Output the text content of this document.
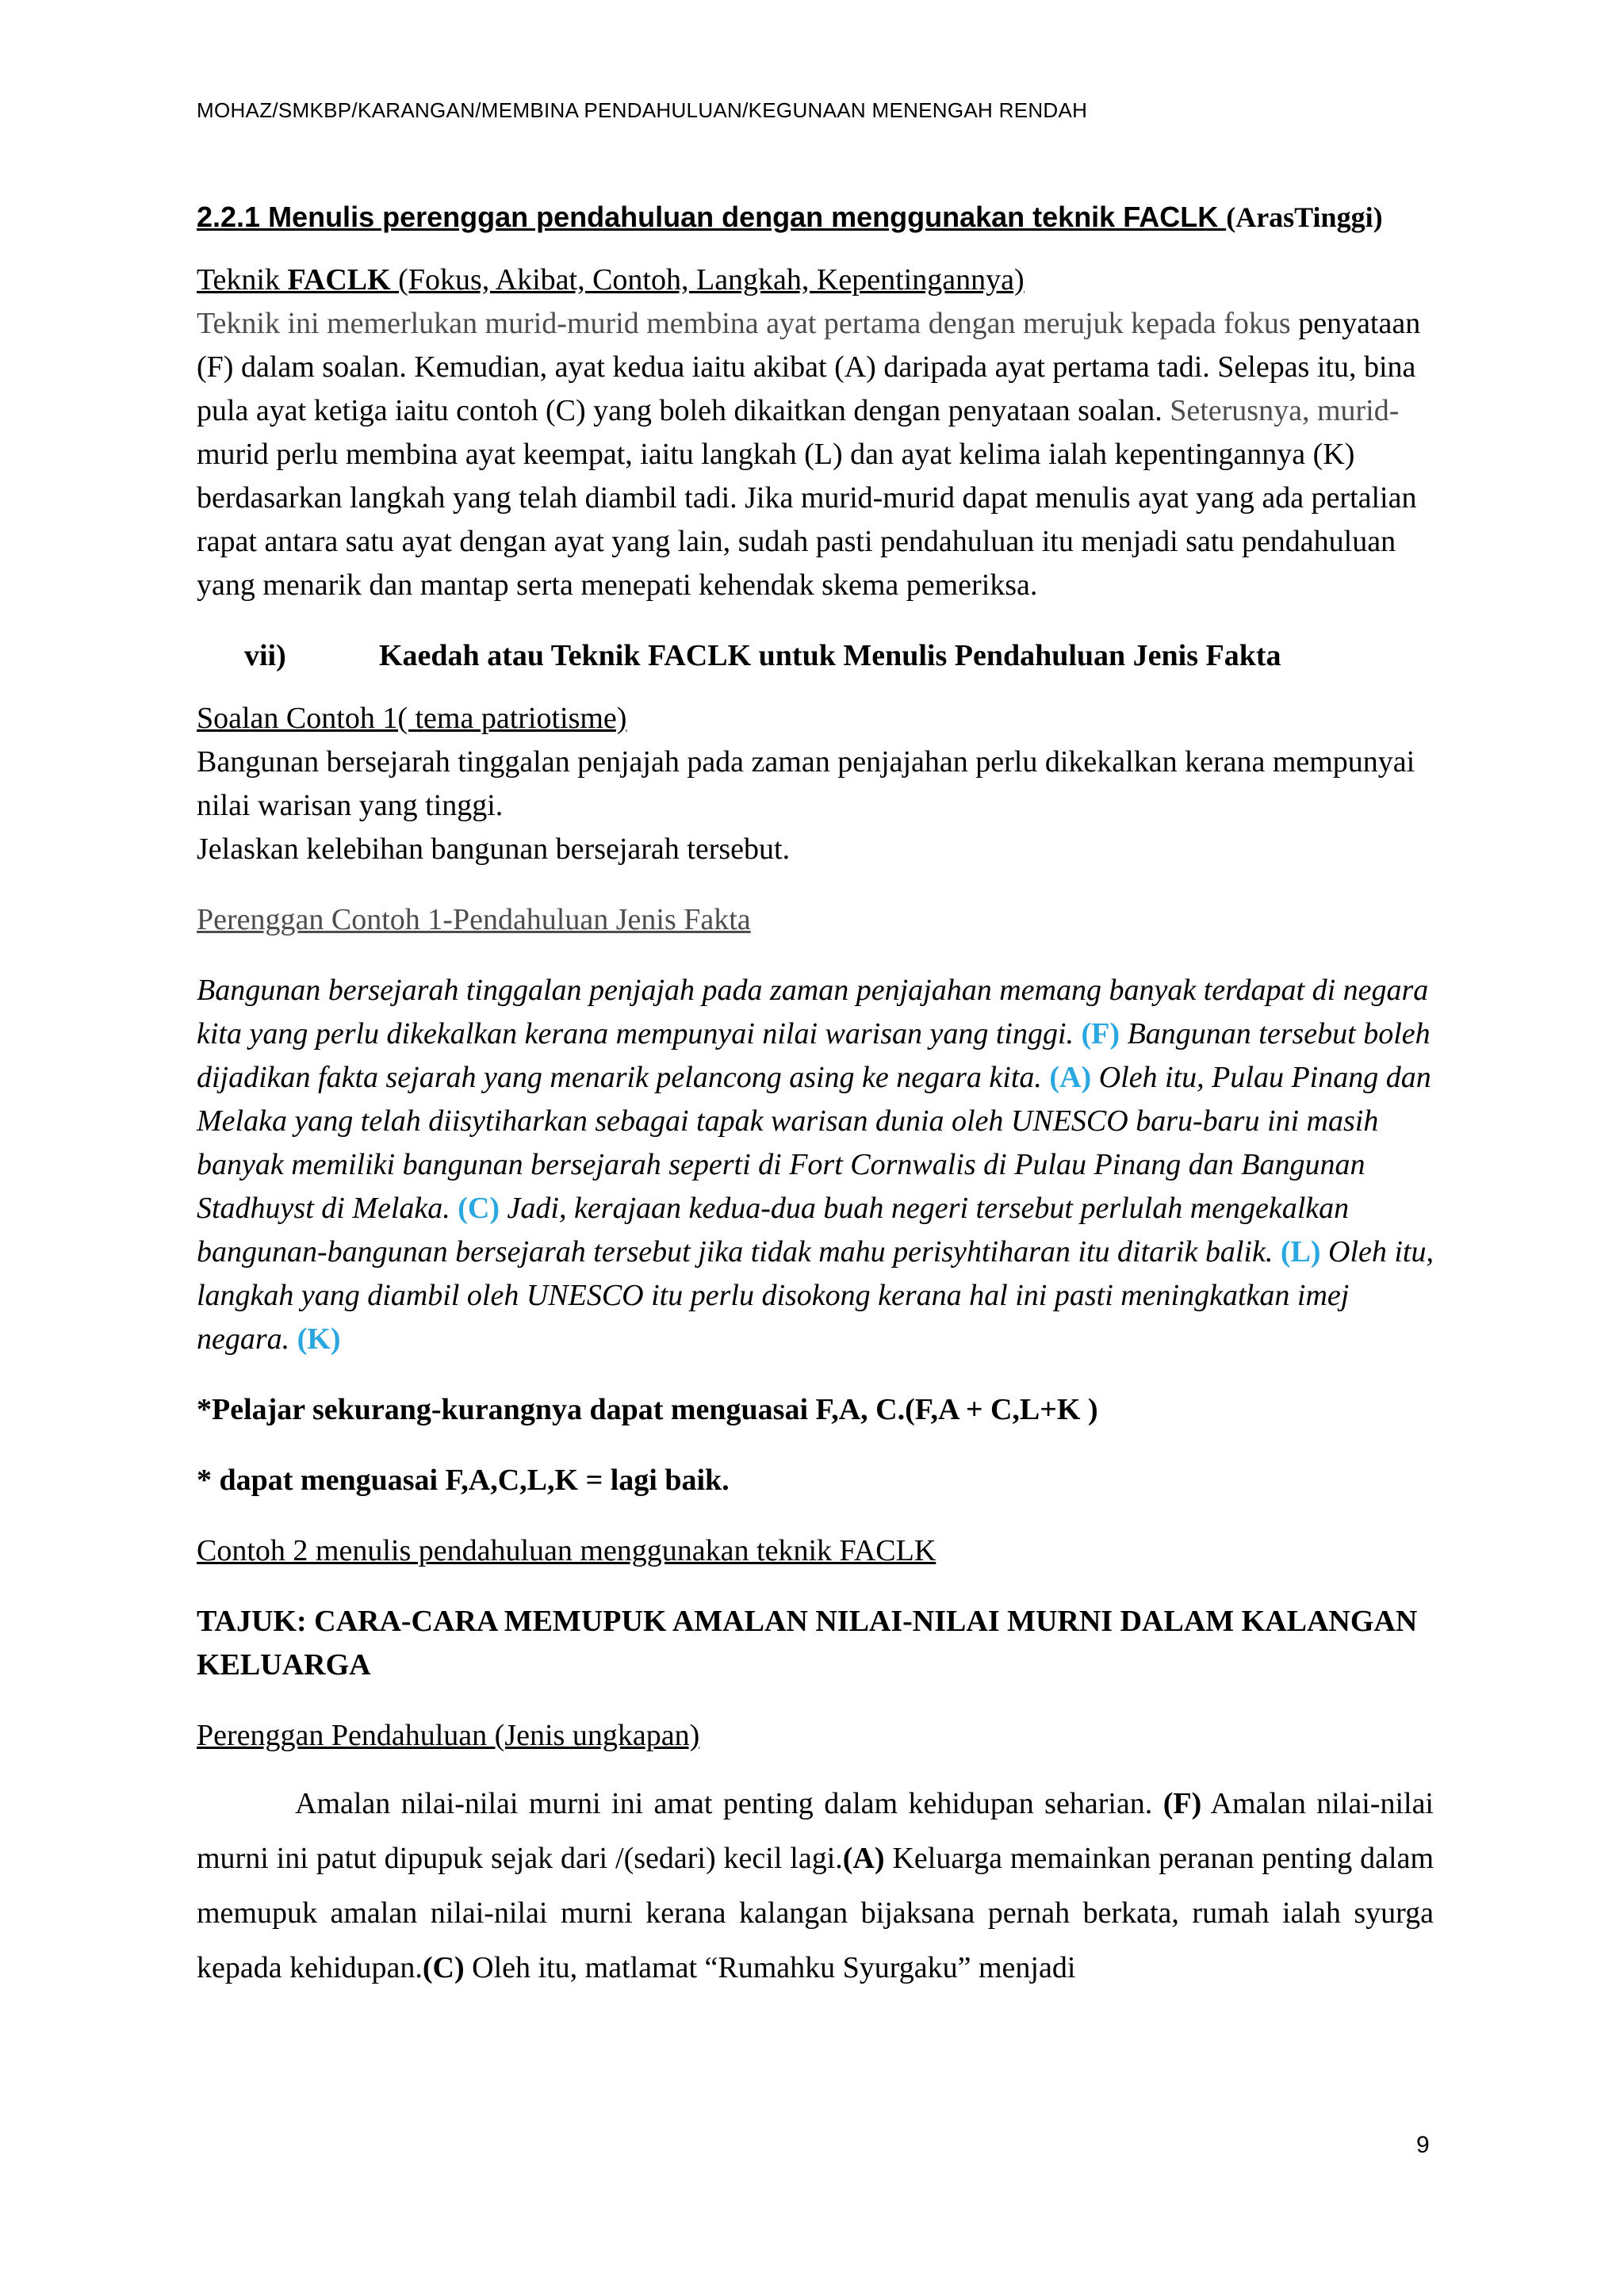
MOHAZ/SMKBP/KARANGAN/MEMBINA PENDAHULUAN/KEGUNAAN MENENGAH RENDAH
2.2.1 Menulis perenggan pendahuluan dengan menggunakan teknik FACLK (ArasTinggi)

Teknik FACLK (Fokus, Akibat, Contoh, Langkah, Kepentingannya)

Teknik ini memerlukan murid-murid membina ayat pertama dengan merujuk kepada fokus penyataan (F) dalam soalan. Kemudian, ayat kedua iaitu akibat (A) daripada ayat pertama tadi. Selepas itu, bina pula ayat ketiga iaitu contoh (C) yang boleh dikaitkan dengan penyataan soalan. Seterusnya, murid-murid perlu membina ayat keempat, iaitu langkah (L) dan ayat kelima ialah kepentingannya (K) berdasarkan langkah yang telah diambil tadi. Jika murid-murid dapat menulis ayat yang ada pertalian rapat antara satu ayat dengan ayat yang lain, sudah pasti pendahuluan itu menjadi satu pendahuluan yang menarik dan mantap serta menepati kehendak skema pemeriksa.

vii)	Kaedah atau Teknik FACLK untuk Menulis Pendahuluan Jenis Fakta

Soalan Contoh 1( tema patriotisme)

Bangunan bersejarah tinggalan penjajah pada zaman penjajahan perlu dikekalkan kerana mempunyai nilai warisan yang tinggi.

Jelaskan kelebihan bangunan bersejarah tersebut.

Perenggan Contoh 1-Pendahuluan Jenis Fakta

Bangunan bersejarah tinggalan penjajah pada zaman penjajahan memang banyak terdapat di negara kita yang perlu dikekalkan kerana mempunyai nilai warisan yang tinggi. (F) Bangunan tersebut boleh dijadikan fakta sejarah yang menarik pelancong asing ke negara kita. (A) Oleh itu, Pulau Pinang dan Melaka yang telah diisytiharkan sebagai tapak warisan dunia oleh UNESCO baru-baru ini masih banyak memiliki bangunan bersejarah seperti di Fort Cornwalis di Pulau Pinang dan Bangunan Stadhuyst di Melaka. (C) Jadi, kerajaan kedua-dua buah negeri tersebut perlulah mengekalkan bangunan-bangunan bersejarah tersebut jika tidak mahu perisyhtiharan itu ditarik balik. (L) Oleh itu, langkah yang diambil oleh UNESCO itu perlu disokong kerana hal ini pasti meningkatkan imej negara. (K)

*Pelajar sekurang-kurangnya dapat menguasai F,A, C.(F,A + C,L+K )

* dapat menguasai F,A,C,L,K = lagi baik.

Contoh 2 menulis pendahuluan menggunakan teknik FACLK

TAJUK: CARA-CARA MEMUPUK AMALAN NILAI-NILAI MURNI DALAM KALANGAN KELUARGA

Perenggan Pendahuluan (Jenis ungkapan)

Amalan nilai-nilai murni ini amat penting dalam kehidupan seharian. (F) Amalan nilai-nilai murni ini patut dipupuk sejak dari /(sedari) kecil lagi.(A) Keluarga memainkan peranan penting dalam memupuk amalan nilai-nilai murni kerana kalangan bijaksana pernah berkata, rumah ialah syurga kepada kehidupan.(C) Oleh itu, matlamat “Rumahku Syurgaku” menjadi

9
